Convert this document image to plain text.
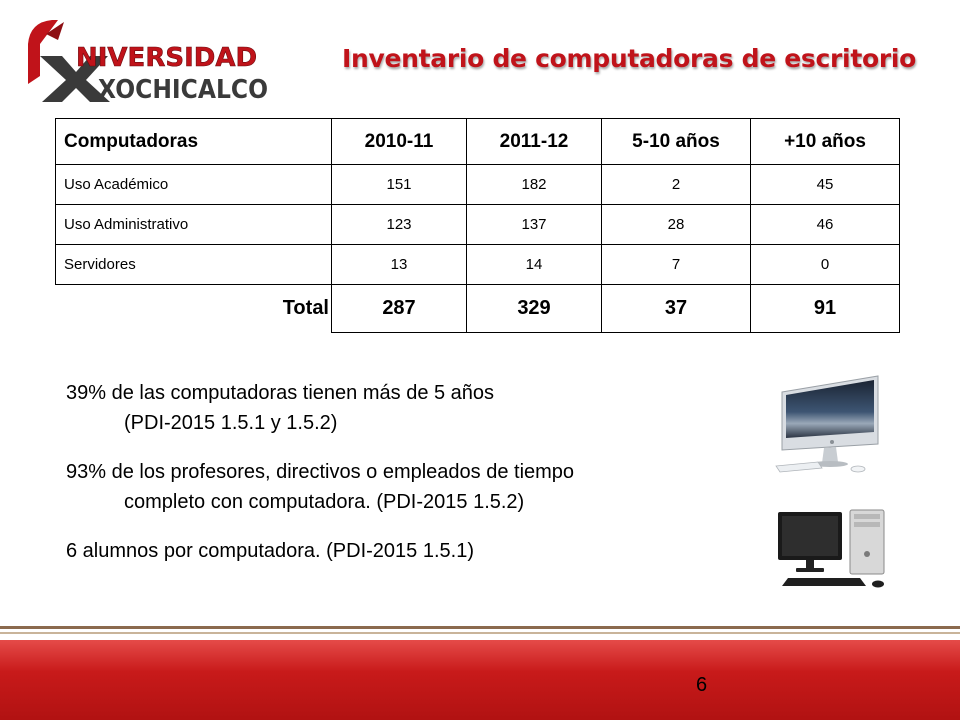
NIVERSIDAD
XOCHICALCO
Inventario de computadoras de escritorio
Computadoras	2010-11	2011-12	5-10 años	+10 años
Uso Académico	151	182	2	45
Uso Administrativo	123	137	28	46
Servidores	13	14	7	0
Total	287	329	37	91

39% de las computadoras tienen más de 5 años
(PDI-2015 1.5.1 y 1.5.2)

93% de los profesores, directivos o empleados de tiempo
completo con computadora. (PDI-2015 1.5.2)

6 alumnos por computadora. (PDI-2015 1.5.1)

6
